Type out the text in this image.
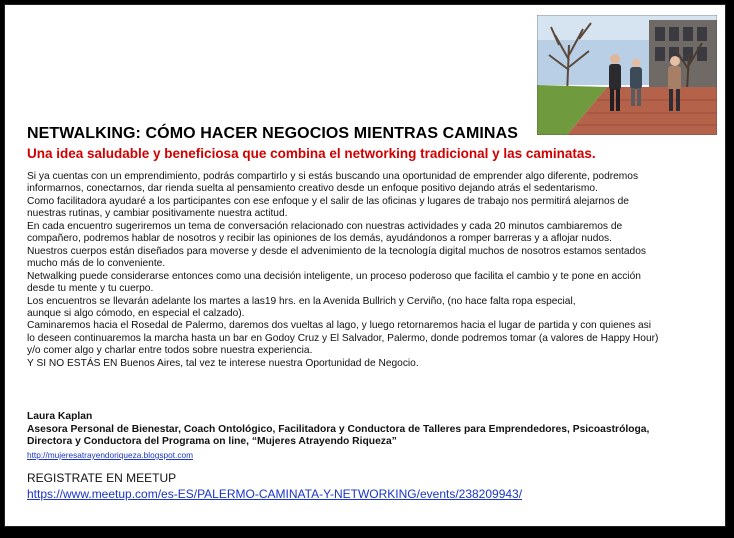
NETWALKING: CÓMO HACER NEGOCIOS MIENTRAS CAMINAS
Una idea saludable y beneficiosa que combina el networking tradicional y las caminatas.

Si ya cuentas con un emprendimiento, podrás compartirlo y si estás buscando una oportunidad de emprender algo diferente, podremos

informarnos, conectarnos, dar rienda suelta al pensamiento creativo desde un enfoque positivo dejando atrás el sedentarismo.

Como facilitadora ayudaré a los participantes con ese enfoque y el salir de las oficinas y lugares de trabajo nos permitirá alejarnos de

nuestras rutinas, y cambiar positivamente nuestra actitud.

En cada encuentro sugeriremos un tema de conversación relacionado con nuestras actividades y cada 20 minutos cambiaremos de

compañero, podremos hablar de nosotros y recibir las opiniones de los demás, ayudándonos a romper barreras y a aflojar nudos.

Nuestros cuerpos están diseñados para moverse y desde el advenimiento de la tecnología digital muchos de nosotros estamos sentados

mucho más de lo conveniente.

Netwalking puede considerarse entonces como una decisión inteligente, un proceso poderoso que facilita el cambio y te pone en acción

desde tu mente y tu cuerpo.

Los encuentros se llevarán adelante los martes a las19 hrs. en la Avenida Bullrich y Cerviño, (no hace falta ropa especial,

aunque si algo cómodo, en especial el calzado).

Caminaremos hacia el Rosedal de Palermo, daremos dos vueltas al lago, y luego retornaremos hacia el lugar de partida y con quienes asi

lo deseen continuaremos la marcha hasta un bar en Godoy Cruz y El Salvador, Palermo, donde podremos tomar (a valores de Happy Hour)

y/o comer algo y charlar entre todos sobre nuestra experiencia.

Y SI NO ESTÁS EN Buenos Aires, tal vez te interese nuestra Oportunidad de Negocio.

Laura Kaplan

Asesora Personal de Bienestar, Coach Ontológico, Facilitadora y Conductora de Talleres para Emprendedores, Psicoastróloga,

Directora y Conductora del Programa on line, “Mujeres Atrayendo Riqueza”

http://mujeresatrayendoriqueza.blogspot.com
REGISTRATE EN MEETUP
https://www.meetup.com/es-ES/PALERMO-CAMINATA-Y-NETWORKING/events/238209943/
